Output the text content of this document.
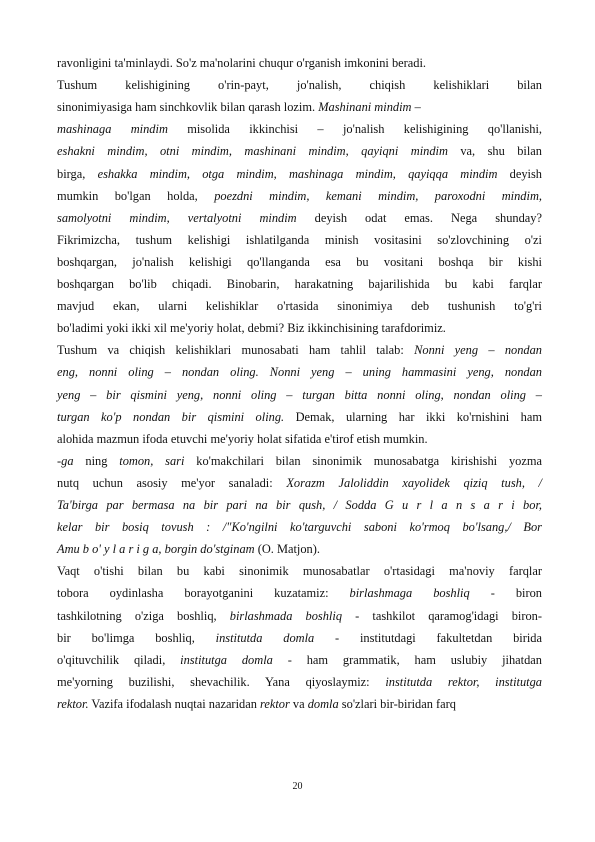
ravonligini ta'minlaydi. So'z ma'nolarini chuqur o'rganish imkonini beradi.
Tushum kelishigining o'rin-payt, jo'nalish, chiqish kelishiklari bilan
sinonimiyasiga ham sinchkovlik bilan qarash lozim. Mashinani mindim –
mashinaga mindim misolida ikkinchisi – jo'nalish kelishigining qo'llanishi,
eshakni mindim, otni mindim, mashinani mindim, qayiqni mindim va, shu bilan
birga, eshakka mindim, otga mindim, mashinaga mindim, qayiqqa mindim deyish
mumkin bo'lgan holda, poezdni mindim, kemani mindim, paroxodni mindim,
samolyotni mindim, vertalyotni mindim deyish odat emas. Nega shunday?
Fikrimizcha, tushum kelishigi ishlatilganda minish vositasini so'zlovchining o'zi
boshqargan, jo'nalish kelishigi qo'llanganda esa bu vositani boshqa bir kishi
boshqargan bo'lib chiqadi. Binobarin, harakatning bajarilishida bu kabi farqlar
mavjud ekan, ularni kelishiklar o'rtasida sinonimiya deb tushunish to'g'ri
bo'ladimi yoki ikki xil me'yoriy holat, debmi? Biz ikkinchisining tarafdorimiz.
Tushum va chiqish kelishiklari munosabati ham tahlil talab: Nonni yeng – nondan
eng, nonni oling – nondan oling. Nonni yeng – uning hammasini yeng, nondan
yeng – bir qismini yeng, nonni oling – turgan bitta nonni oling, nondan oling –
turgan ko'p nondan bir qismini oling. Demak, ularning har ikki ko'rnishini ham
alohida mazmun ifoda etuvchi me'yoriy holat sifatida e'tirof etish mumkin.
-ga ning tomon, sari ko'makchilari bilan sinonimik munosabatga kirishishi yozma
nutq uchun asosiy me'yor sanaladi: Xorazm Jaloliddin xayolidek qiziq tush, /
Ta'birga par bermasa na bir pari na bir qush, / Sodda G u r l a n s a r i bor,
kelar bir bosiq tovush : /"Ko'ngilni ko'targuvchi saboni ko'rmoq bo'lsang,/ Bor
Amu b o' y l a r i g a, borgin do'stginam (O. Matjon).
Vaqt o'tishi bilan bu kabi sinonimik munosabatlar o'rtasidagi ma'noviy farqlar
tobora oydinlasha borayotganini kuzatamiz: birlashmaga boshliq - biron
tashkilotning o'ziga boshliq, birlashmada boshliq - tashkilot qaramog'idagi biron-
bir bo'limga boshliq, institutda domla - institutdagi fakultetdan birida
o'qituvchilik qiladi, institutga domla - ham grammatik, ham uslubiy jihatdan
me'yorning buzilishi, shevachilik. Yana qiyoslaymiz: institutda rektor, institutga
rektor. Vazifa ifodalash nuqtai nazaridan rektor va domla so'zlari bir-biridan farq
20
